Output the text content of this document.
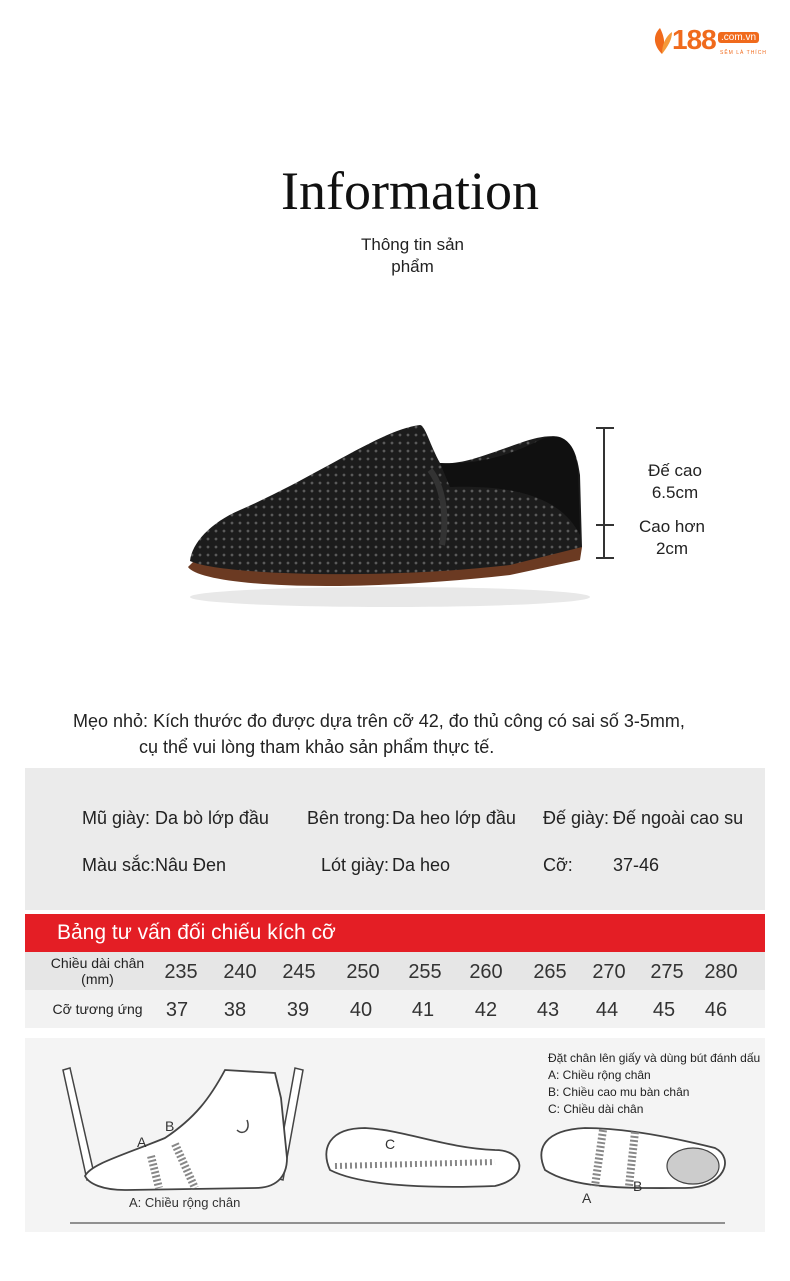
188 .com.vn
SẼM LÀ THÍCH
Information
Thông tin sản phẩm
Đế cao 6.5cm
Cao hơn 2cm
Mẹo nhỏ: Kích thước đo được dựa trên cỡ 42, đo thủ công có sai số 3-5mm,
cụ thể vui lòng tham khảo sản phẩm thực tế.
Mũ giày: Da bò lớp đầu Bên trong: Da heo lớp đầu Đế giày: Đế ngoài cao su
Màu sắc: Nâu Đen	Lót giày: Da heo	Cỡ: 37-46
Bảng tư vấn đối chiếu kích cỡ
Chiều dài chân (mm)	235	240	245	250	255	260	265	270	275	280
Cỡ tương ứng	37	38	39	40	41	42	43	44	45	46
Đặt chân lên giấy và dùng bút đánh dấu
A: Chiều rộng chân
B: Chiều cao mu bàn chân
C: Chiều dài chân
A
B
C
A
B
A: Chiều rộng chân
